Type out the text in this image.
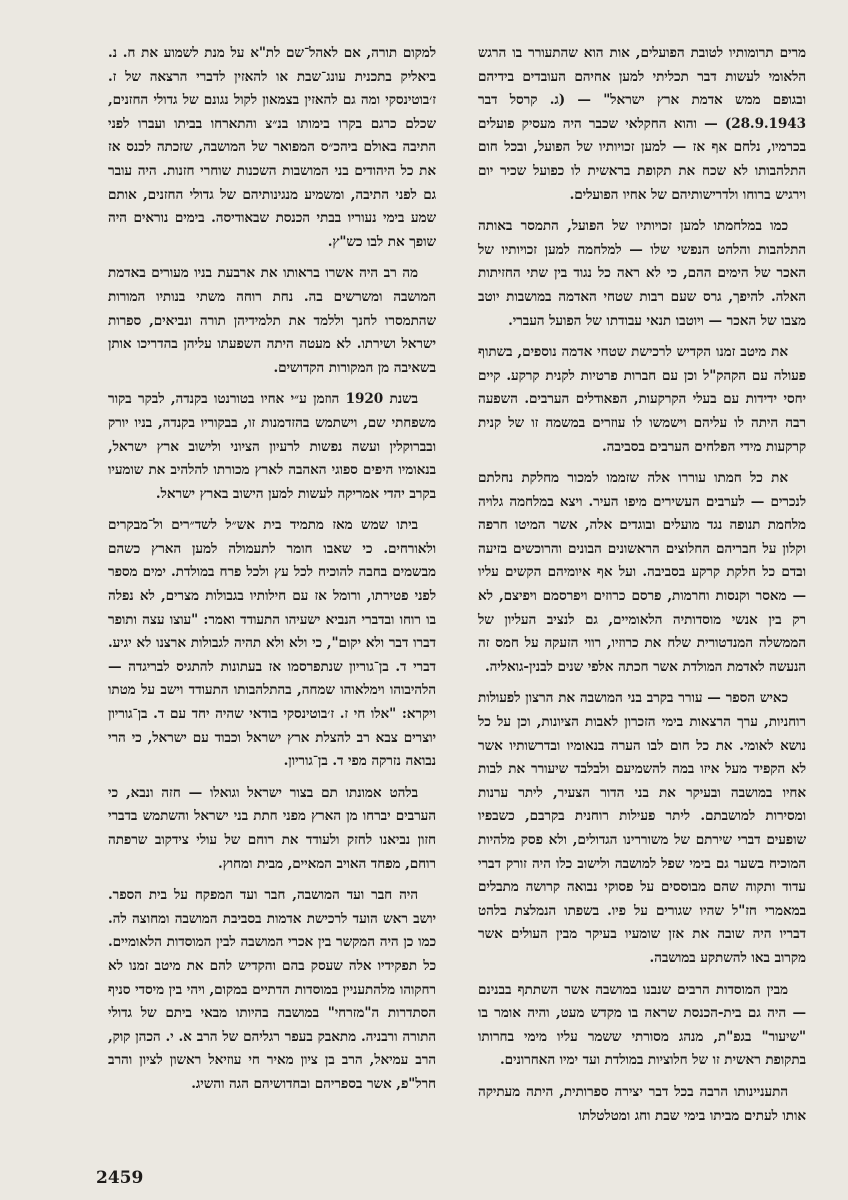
מרים תרומותיו לטובת הפועלים, אות הוא שהתעורר בו הרגש הלאומי לעשות דבר תכליתי למען אחיהם העובדים בידיהם ובגופם ממש אדמת ארץ ישראל" — (ג. קרסל דבר 28.9.1943) — והוא החקלאי שכבר היה מעסיק פועלים בכרמיו, נלחם אף אז — למען זכויותיו של הפועל, ובכל חום התלהבותו לא שכח את תקופת בראשית לו כפועל שכיר יום וירגיש ברוחו ולדרישותיהם של אחיו הפועלים.

כמו במלחמתו למען זכויותיו של הפועל, התמסר באותה התלהבות והלהט הנפשי שלו — למלחמה למען זכויותיו של האכר של הימים ההם, כי לא ראה כל נגוד בין שתי החזיתות האלה. להיפך, גרס שעם רבות שטחי האדמה במושבות יוטב מצבו של האכר — ויוטבו תנאי עבודתו של הפועל העברי.

את מיטב זמנו הקדיש לרכישת שטחי אדמה נוספים, בשתוף פעולה עם הקהק"ל וכן עם חברות פרטיות לקנית קרקע. קיים יחסי ידידות עם בעלי הקרקעות, הפאודלים הערבים. השפעה רבה היתה לו עליהם וישמשו לו עוזרים במשמה זו של קנית קרקעות מידי הפלחים הערבים בסביבה.

את כל חמתו עוררו אלה שזממו למכור מחלקת נחלתם לנכרים — לערבים העשירים מיפו העיר. ויצא במלחמה גלויה מלחמת תנופה נגד מועלים ובוגדים אלה, אשר המיטו חרפה וקלון על חבריהם החלוצים הראשונים הבונים והרוכשים בזיעה ובדם כל חלקת קרקע בסביבה. ועל אף איומיהם הקשים עליו — מאסר וקנסות וחרמות, פרסם כרוזים ויפרסמם ויפיצם, לא רק בין אנשי מוסדותיה הלאומיים, גם לנציב העליון של הממשלה המנדטורית שלח את כרוזיו, רווי הזעקה על חמס זה הנעשה לאדמת המולדת אשר חכתה אלפי שנים לבנין-גואליה.

כאיש הספר — עורר בקרב בני המושבה את הרצון לפעולות רוחניות, ערך הרצאות בימי הזכרון לאבות הציונות, וכן על כל נושא לאומי. את כל חום לבו הערה בנאומיו ובדרשותיו אשר לא הקפיד מעל איזו במה להשמיעם ולבלבד שיעורר את לבות אחיו במושבה ובעיקר את בני הדור הצעיר, ליתר ערנות ומסירות למושבתם. ליתר פעילות רוחנית בקרבם, כשבפיו שופעים דברי שירתם של משוררינו הגדולים, ולא פסק מלהיות המוכיח בשער גם בימי שפל למושבה ולישוב כלו היה זורק דברי עדוד ותקוה שהם מבוססים על פסוקי נבואה קרושה מתבלים במאמרי חז"ל שהיו שגורים על פיו. בשפתו הנמלצת בלהט דבריו היה שובה את אזן שומעיו בעיקר מבין העולים אשר מקרוב באו להשתקע במושבה.

מבין המוסדות הרבים שנבנו במושבה אשר השתתף בבנינם — היה גם בית-הכנסת שראה בו מקדש מעט, והיה אומר בו "שיעור" בגפ"ת, מנהג מסורתי ששמר עליו מימי בחרותו בתקופת ראשית זו של חלוציות במולדת ועד ימיו האחרונים.

התעניינותו הרבה בכל דבר יצירה ספרותית, היתה מעתיקה אותו לעתים מביתו בימי שבת וחג ומטלטלתו

למקום תורה, אם לאהל־שם לת"א על מנת לשמוע את ח. נ. ביאליק בתכנית עונג־שבת או להאזין לדברי הרצאה של ז. ז׳בוטינסקי ומה גם להאזין בצמאון לקול נגונם של גדולי החזנים, שכלם כרגם בקרו בימותו בנ״צ והתארחו בביתו ועברו לפני התיבה באולם ביהכ״ס המפואר של המושבה, שזכתה לכנס אז את כל היהודים בני המושבות השכנות שוחרי חזנות. היה עובר גם לפני התיבה, ומשמיע מנגינותיהם של גדולי החזנים, אותם שמע בימי נעוריו בבתי הכנסת שבאודיסה. בימים נוראים היה שופך את לבו כש"ץ.

מה רב היה אשרו בראותו את ארבעת בניו מעורים באדמת המושבה ומשרשים בה. נחת רוחה משתי בנותיו המורות שהתמסרו לחנך וללמד את תלמידיהן תורה ונביאים, ספרות ישראל ושירתו. לא מעטה היתה השפעתו עליהן בהדריכו אותן בשאיבה מן המקורות הקדושים.

בשנת 1920 הוזמן ע״י אחיו בטורנטו בקנדה, לבקר בקור משפחתי שם, וישתמש בהזדמנות זו, בבקוריו בקנדה, בניו יורק ובברוקלין ועשה נפשות לרעיון הציוני ולישוב ארץ ישראל, בנאומיו היפים ספוגי האהבה לארץ מכורתו להלהיב את שומעיו בקרב יהדי אמריקה לעשות למען הישוב בארץ ישראל.

ביתו שמש מאז מתמיד בית אש״ל לשד״רים ול־מבקרים ולאורחים. כי שאבו חומר לתעמולה למען הארץ כשהם מבשמים בחבה להוכיח לכל עץ ולכל פרח במולדת. ימים מספר לפני פטירתו, ורומל אז עם חילותיו בגבולות מצרים, לא נפלה בו רוחו ובדברי הנביא ישעיהו התעודד ואמר: "עוצו עצה ותופר דברו דבר ולא יקום", כי ולא ולא תהיה לגבולות ארצנו לא יגיע. דברי ד. בן־גוריון שנתפרסמו אז בעתונות להתגיס לבריגדה — הלהיבוהו וימלאוהו שמחה, בהתלהבותו התעודד וישב על מטתו ויקרא: "אלו חי ז. ז׳בוטינסקי בודאי שהיה יחד עם ד. בן־גוריון יוצרים צבא רב להצלת ארץ ישראל וכבוד עם ישראל, כי הרי נבואה נזרקה מפי ד. בן־גוריון.

בלהט אמונתו תם בצור ישראל וגואלו — חזה ונבא, כי הערבים יברחו מן הארץ מפני חתת בני ישראל והשתמש בדברי חזון נביאנו לחזק ולעודד את רוחם של עולי צידקוב שרפתה רוחם, מפחד האויב המאיים, מבית ומחוץ.

היה חבר ועד המושבה, חבר ועד המפקח על בית הספר. יושב ראש הועד לרכישת אדמות בסביבת המושבה ומחוצה לה. כמו כן היה המקשר בין אכרי המושבה לבין המוסדות הלאומיים. כל תפקידיו אלה שעסק בהם והקדיש להם את מיטב זמנו לא רחקוהו מלהתעניין במוסדות הדתיים במקום, ויהי בין מיסדי סניף הסתדרות ה"מזרחי" במושבה בהיותו מבאי ביתם של גדולי התורה ורבניה. מתאבק בעפר רגליהם של הרב א. י. הכהן קוק, הרב עמיאל, הרב בן ציון מאיר חי עוזיאל ראשון לציון והרב חרל"פ, אשר בספריהם ובחדושיהם הגה והשיג.

2459
